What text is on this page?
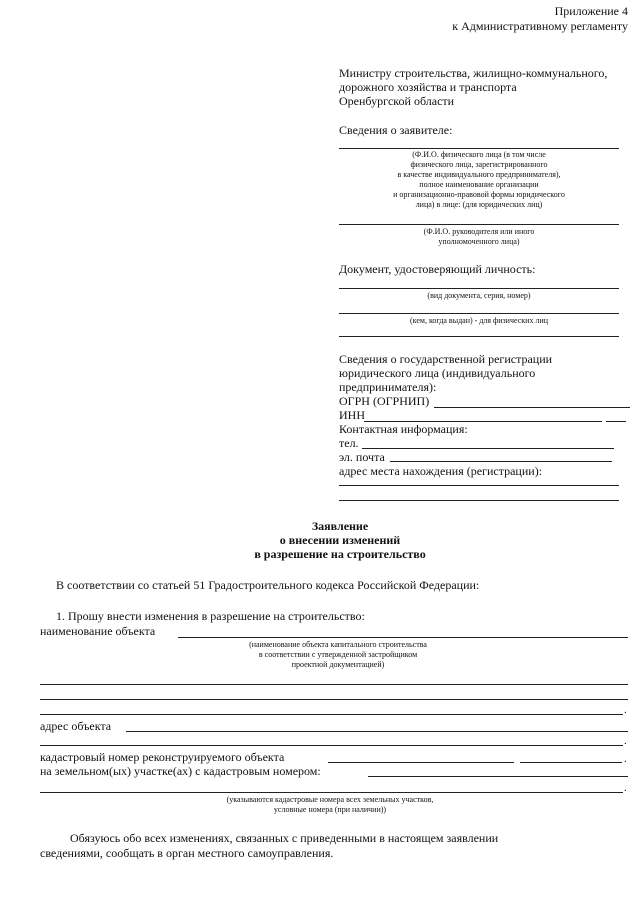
Приложение 4
к Административному регламенту
Министру строительства, жилищно-коммунального,
дорожного хозяйства и транспорта
Оренбургской области
Сведения о заявителе:
(Ф.И.О. физического лица (в том числе
физического лица, зарегистрированного
в качестве индивидуального предпринимателя),
полное наименование организации
и организационно-правовой формы юридического
лица) в лице: (для юридических лиц)
(Ф.И.О. руководителя или иного
уполномоченного лица)
Документ, удостоверяющий личность:
(вид документа, серия, номер)
(кем, когда выдан) - для физических лиц
Сведения о государственной регистрации
юридического лица (индивидуального
предпринимателя):
ОГРН (ОГРНИП)
ИНН
Контактная информация:
тел.
эл. почта
адрес места нахождения (регистрации):
Заявление
о внесении изменений
в разрешение на строительство
В соответствии со статьей 51 Градостроительного кодекса Российской Федерации:
1. Прошу внести изменения в разрешение на строительство:
наименование объекта
(наименование объекта капитального строительства
в соответствии с утвержденной застройщиком
проектной документацией)
.
адрес объекта
.
кадастровый номер реконструируемого объекта	.
на земельном(ых) участке(ах) с кадастровым номером:
.
(указываются кадастровые номера всех земельных участков,
условные номера (при наличии))
Обязуюсь обо всех изменениях, связанных с приведенными в настоящем заявлении
сведениями, сообщать в орган местного самоуправления.
